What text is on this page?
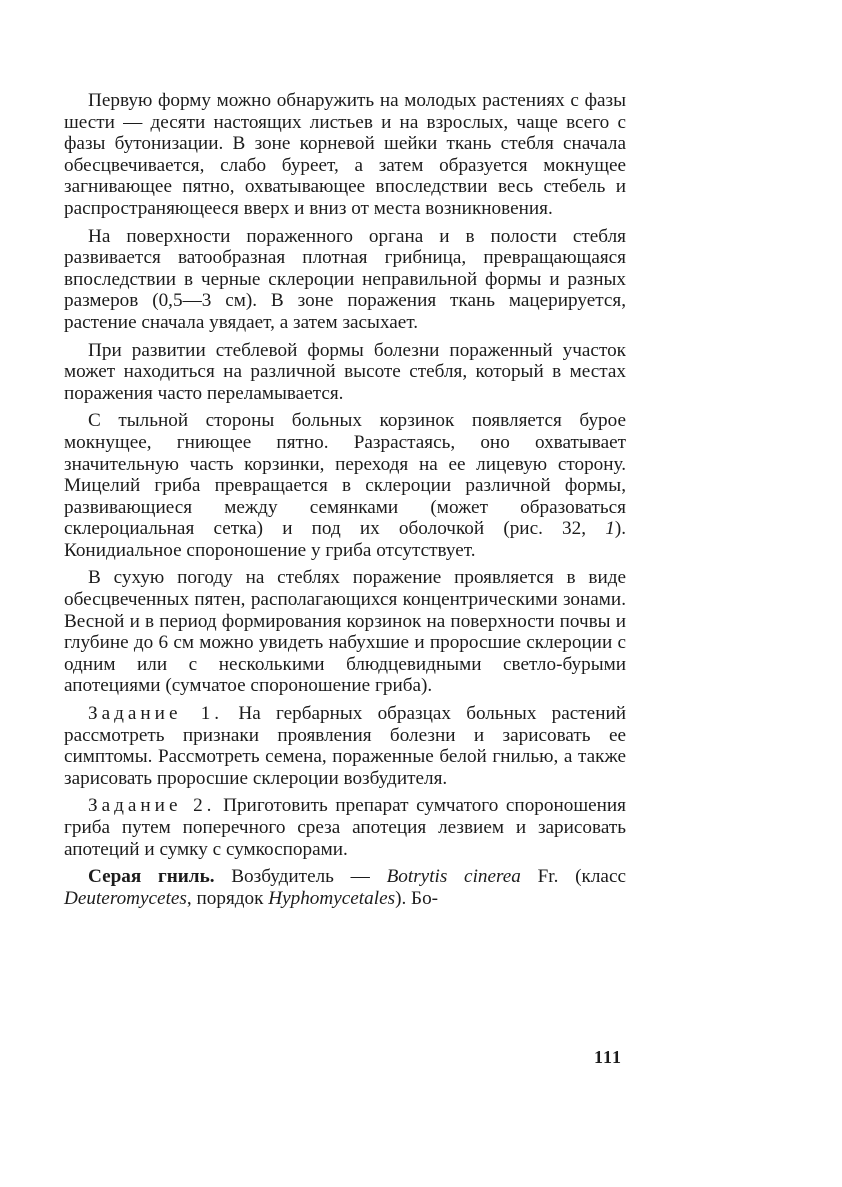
Первую форму можно обнаружить на молодых растениях с фазы шести — десяти настоящих листьев и на взрослых, чаще всего с фазы бутонизации. В зоне корневой шейки ткань стебля сначала обесцвечивается, слабо буреет, а затем образуется мокнущее загнивающее пятно, охватывающее впоследствии весь стебель и распространяющееся вверх и вниз от места возникновения.

На поверхности пораженного органа и в полости стебля развивается ватообразная плотная грибница, превращающаяся впоследствии в черные склероции неправильной формы и разных размеров (0,5—3 см). В зоне поражения ткань мацерируется, растение сначала увядает, а затем засыхает.

При развитии стеблевой формы болезни пораженный участок может находиться на различной высоте стебля, который в местах поражения часто переламывается.

С тыльной стороны больных корзинок появляется бурое мокнущее, гниющее пятно. Разрастаясь, оно охватывает значительную часть корзинки, переходя на ее лицевую сторону. Мицелий гриба превращается в склероции различной формы, развивающиеся между семянками (может образоваться склероциальная сетка) и под их оболочкой (рис. 32, 1). Конидиальное спороношение у гриба отсутствует.

В сухую погоду на стеблях поражение проявляется в виде обесцвеченных пятен, располагающихся концентрическими зонами. Весной и в период формирования корзинок на поверхности почвы и глубине до 6 см можно увидеть набухшие и проросшие склероции с одним или с несколькими блюдцевидными светло-бурыми апотециями (сумчатое спороношение гриба).

Задание 1. На гербарных образцах больных растений рассмотреть признаки проявления болезни и зарисовать ее симптомы. Рассмотреть семена, пораженные белой гнилью, а также зарисовать проросшие склероции возбудителя.

Задание 2. Приготовить препарат сумчатого спороношения гриба путем поперечного среза апотеция лезвием и зарисовать апотеций и сумку с сумкоспорами.

Серая гниль. Возбудитель — Botrytis cinerea Fr. (класс Deuteromycetes, порядок Hyphomycetales). Бо-

111
